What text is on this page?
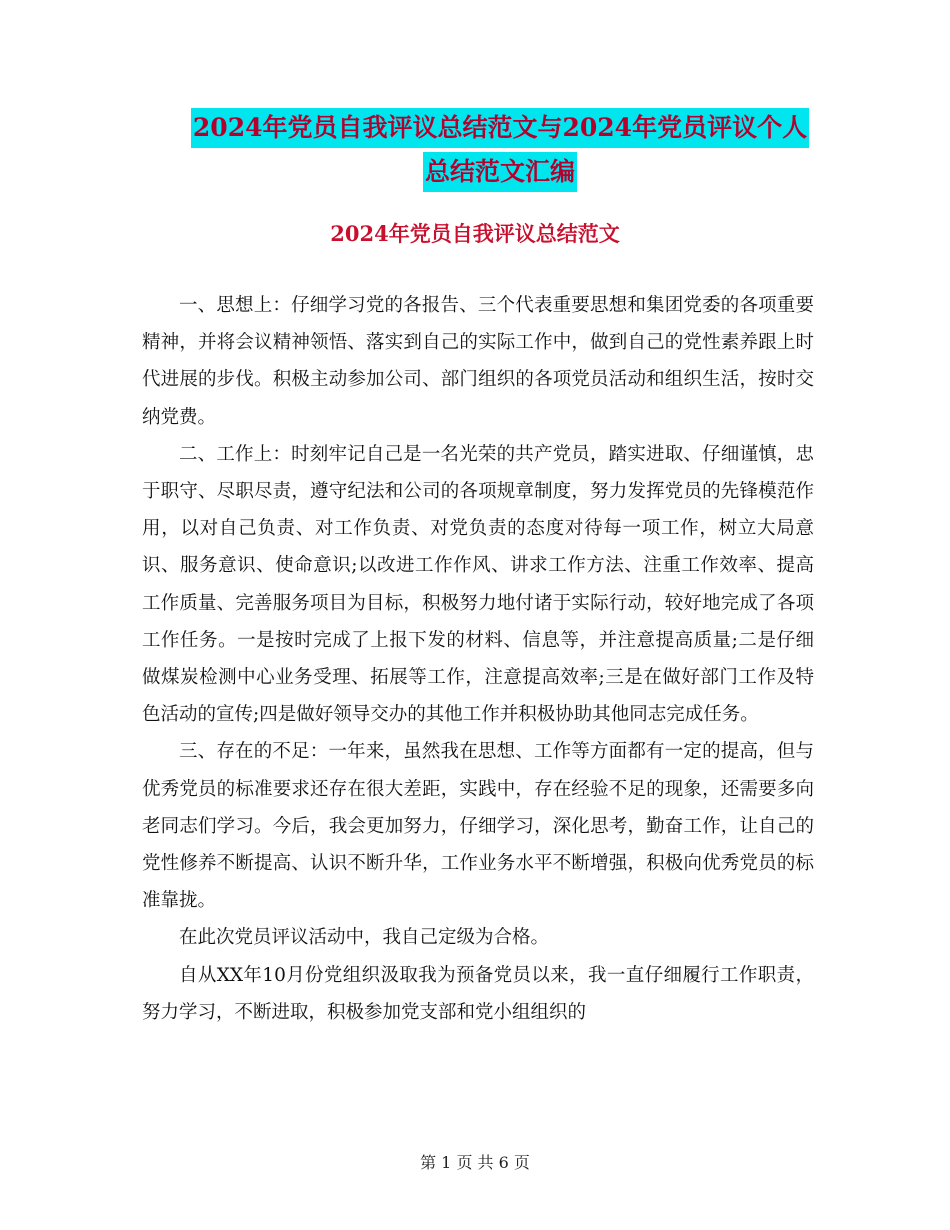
2024年党员自我评议总结范文与2024年党员评议个人
总结范文汇编
2024年党员自我评议总结范文

一、思想上：仔细学习党的各报告、三个代表重要思想和集团党委的各项重要精神，并将会议精神领悟、落实到自己的实际工作中，做到自己的党性素养跟上时代进展的步伐。积极主动参加公司、部门组织的各项党员活动和组织生活，按时交纳党费。

二、工作上：时刻牢记自己是一名光荣的共产党员，踏实进取、仔细谨慎，忠于职守、尽职尽责，遵守纪法和公司的各项规章制度，努力发挥党员的先锋模范作用，以对自己负责、对工作负责、对党负责的态度对待每一项工作，树立大局意识、服务意识、使命意识;以改进工作作风、讲求工作方法、注重工作效率、提高工作质量、完善服务项目为目标，积极努力地付诸于实际行动，较好地完成了各项工作任务。一是按时完成了上报下发的材料、信息等，并注意提高质量;二是仔细做煤炭检测中心业务受理、拓展等工作，注意提高效率;三是在做好部门工作及特色活动的宣传;四是做好领导交办的其他工作并积极协助其他同志完成任务。

三、存在的不足：一年来，虽然我在思想、工作等方面都有一定的提高，但与优秀党员的标准要求还存在很大差距，实践中，存在经验不足的现象，还需要多向老同志们学习。今后，我会更加努力，仔细学习，深化思考，勤奋工作，让自己的党性修养不断提高、认识不断升华，工作业务水平不断增强，积极向优秀党员的标准靠拢。

在此次党员评议活动中，我自己定级为合格。

自从XX年10月份党组织汲取我为预备党员以来，我一直仔细履行工作职责，努力学习，不断进取，积极参加党支部和党小组组织的

第 1 页 共 6 页
